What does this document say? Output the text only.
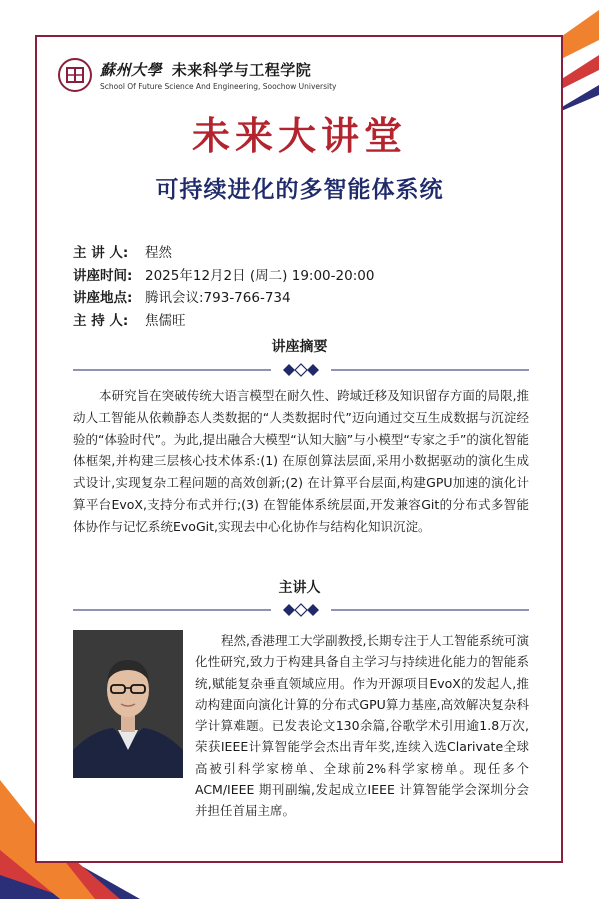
蘇州大學 未来科学与工程学院
School Of Future Science And Engineering, Soochow University
未来大讲堂
可持续进化的多智能体系统
主 讲 人: 程然
讲座时间: 2025年12月2日 (周二) 19:00-20:00
讲座地点: 腾讯会议:793-766-734
主 持 人: 焦儒旺
讲座摘要
本研究旨在突破传统大语言模型在耐久性、跨域迁移及知识留存方面的局限,推动人工智能从依赖静态人类数据的“人类数据时代”迈向通过交互生成数据与沉淀经验的“体验时代”。为此,提出融合大模型“认知大脑”与小模型“专家之手”的演化智能体框架,并构建三层核心技术体系:(1) 在原创算法层面,采用小数据驱动的演化生成式设计,实现复杂工程问题的高效创新;(2) 在计算平台层面,构建GPU加速的演化计算平台EvoX,支持分布式并行;(3) 在智能体系统层面,开发兼容Git的分布式多智能体协作与记忆系统EvoGit,实现去中心化协作与结构化知识沉淀。
主讲人
程然,香港理工大学副教授,长期专注于人工智能系统可演化性研究,致力于构建具备自主学习与持续进化能力的智能系统,赋能复杂垂直领域应用。作为开源项目EvoX的发起人,推动构建面向演化计算的分布式GPU算力基座,高效解决复杂科学计算难题。已发表论文130余篇,谷歌学术引用逾1.8万次,荣获IEEE计算智能学会杰出青年奖,连续入选Clarivate全球高被引科学家榜单、全球前2%科学家榜单。现任多个ACM/IEEE 期刊副编,发起成立IEEE 计算智能学会深圳分会并担任首届主席。
